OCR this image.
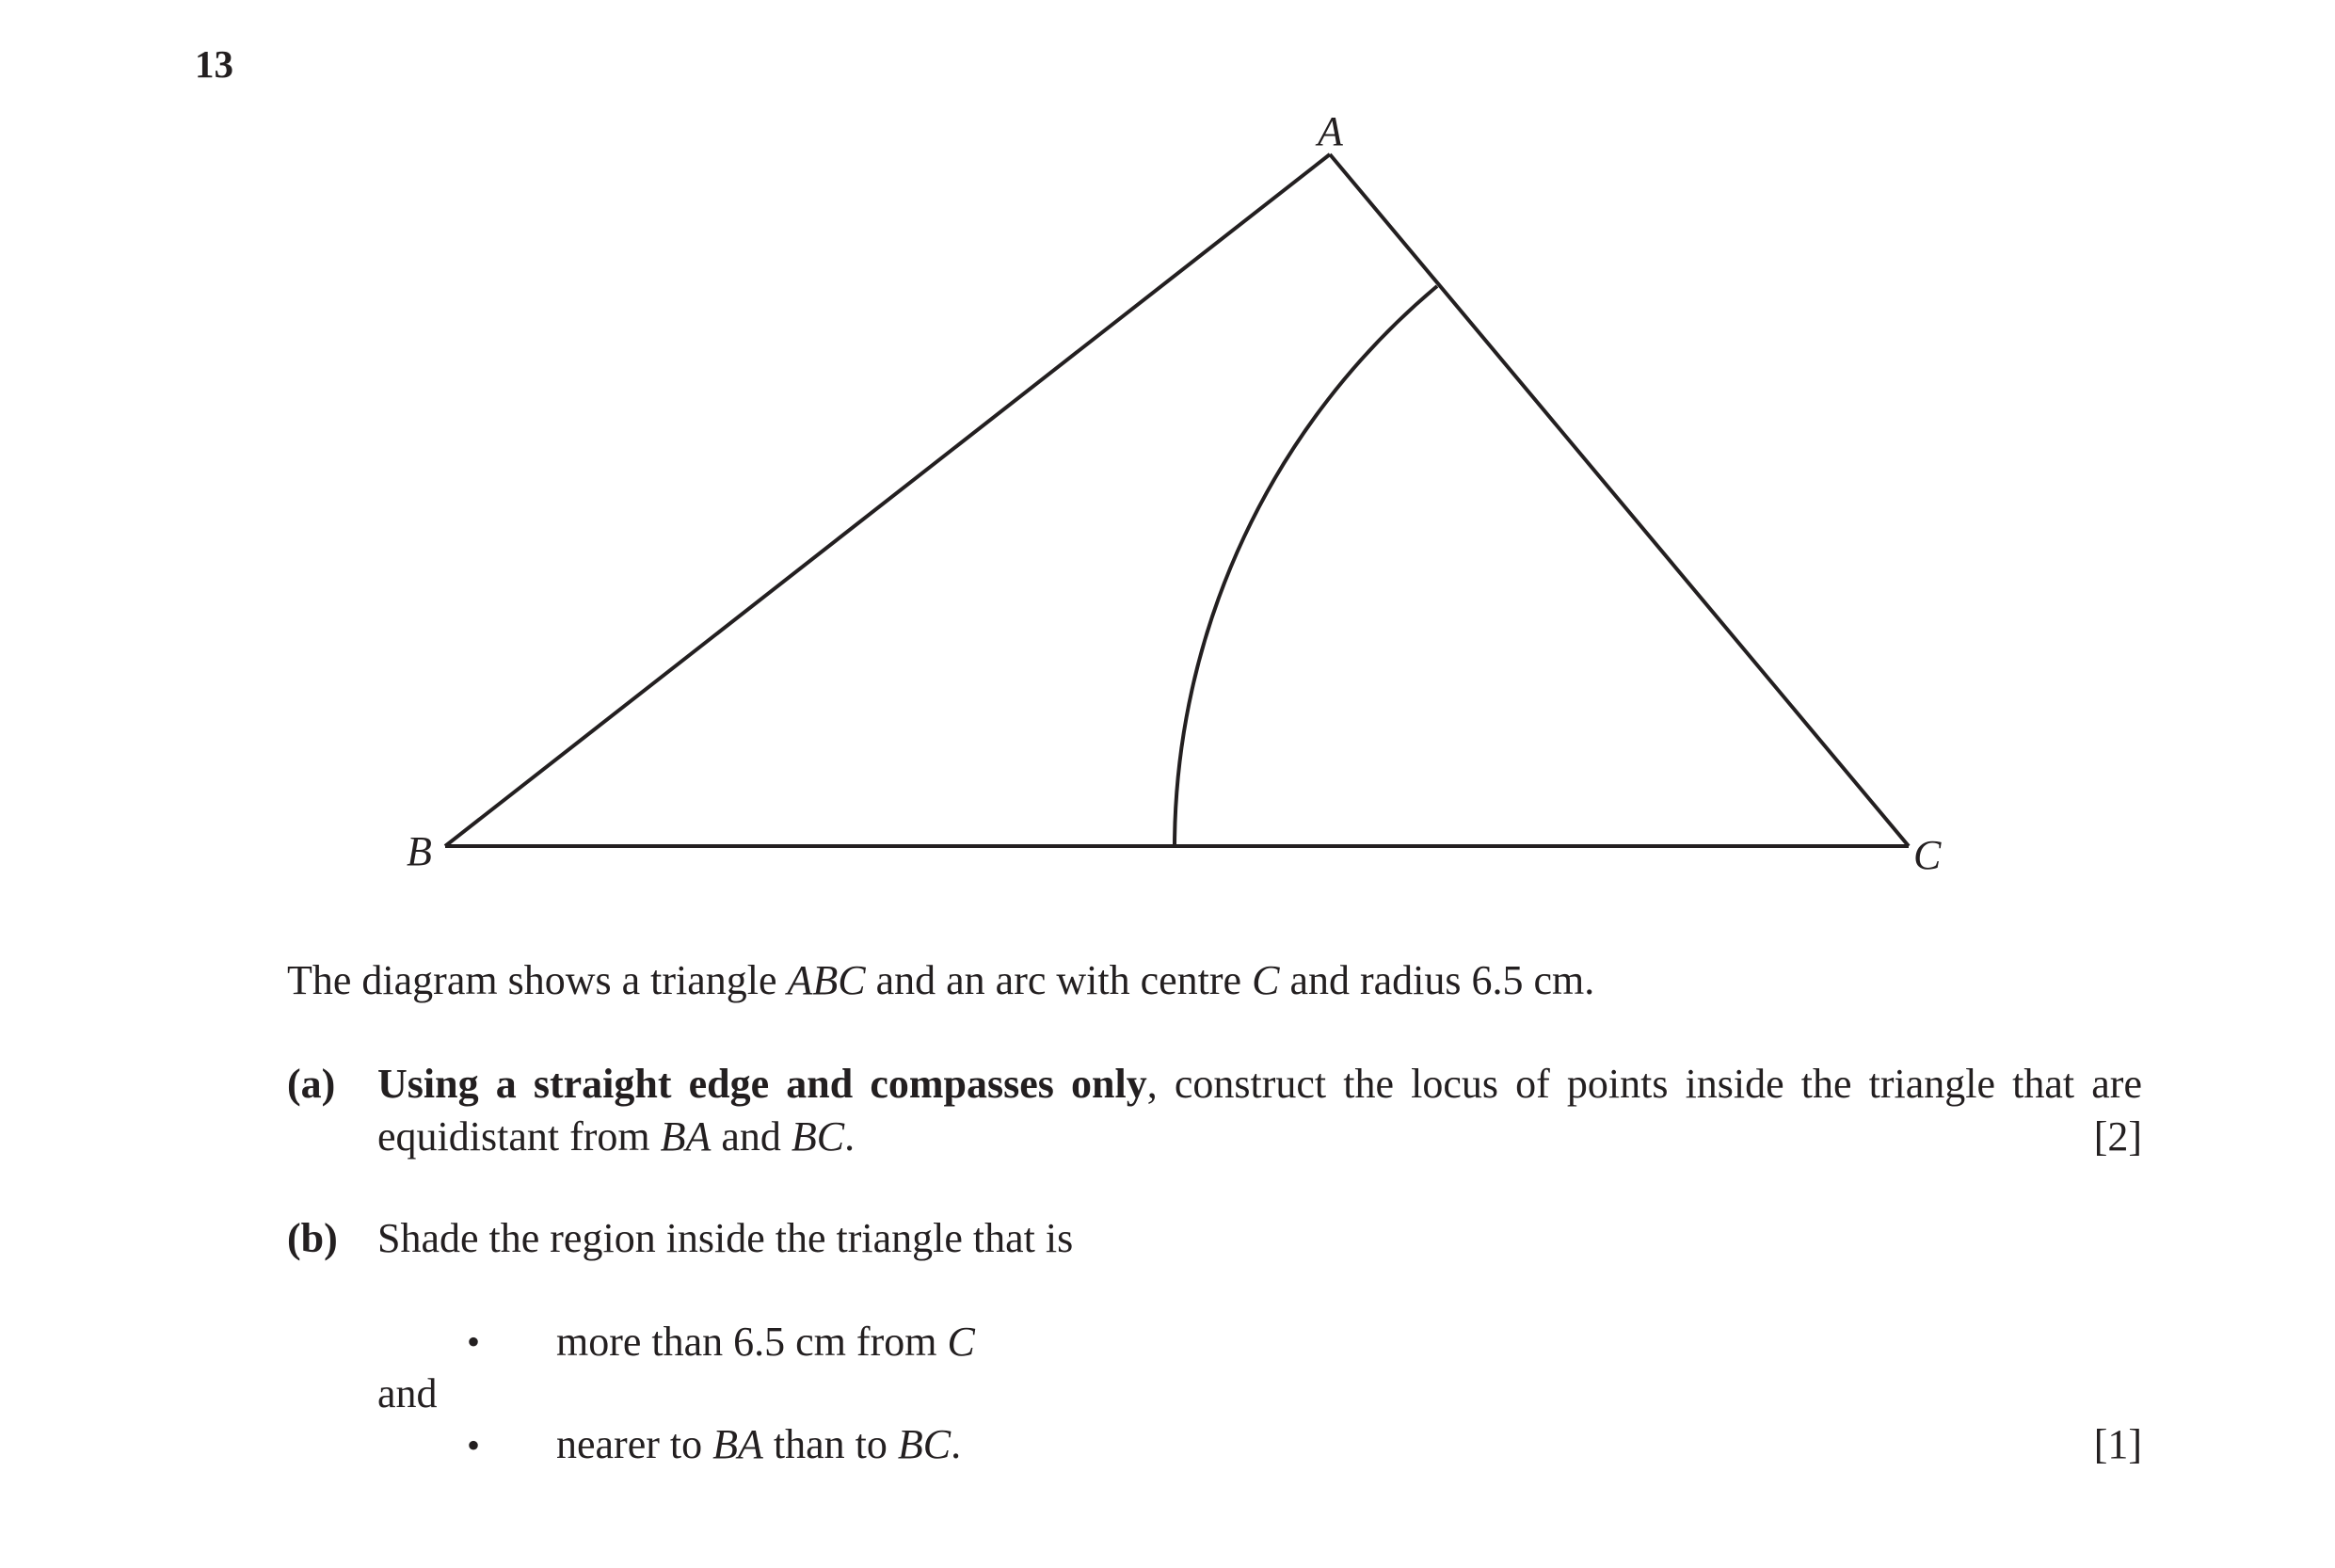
13
A
B	C
The diagram shows a triangle ABC and an arc with centre C and radius 6.5 cm.
(a) Using a straight edge and compasses only, construct the locus of points inside the triangle that are
equidistant from BA and BC.	[2]
(b) Shade the region inside the triangle that is
• more than 6.5 cm from C
and
• nearer to BA than to BC.	[1]
